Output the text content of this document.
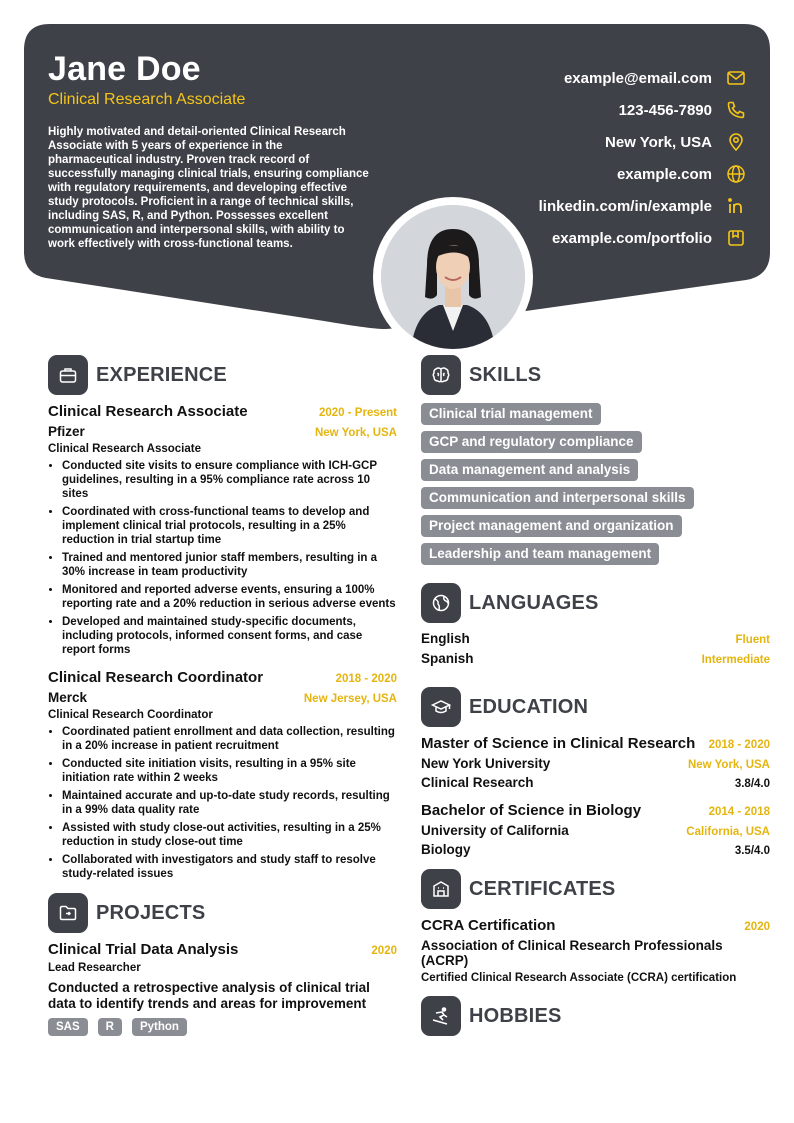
Jane Doe
Clinical Research Associate
Highly motivated and detail-oriented Clinical Research Associate with 5 years of experience in the pharmaceutical industry. Proven track record of successfully managing clinical trials, ensuring compliance with regulatory requirements, and developing effective study protocols. Proficient in a range of technical skills, including SAS, R, and Python. Possesses excellent communication and interpersonal skills, with ability to work effectively with cross-functional teams.
example@email.com
123-456-7890
New York, USA
example.com
linkedin.com/in/example
example.com/portfolio
EXPERIENCE
Clinical Research Associate	2020 - Present
Pfizer	New York, USA
Clinical Research Associate
• Conducted site visits to ensure compliance with ICH-GCP guidelines, resulting in a 95% compliance rate across 10 sites
• Coordinated with cross-functional teams to develop and implement clinical trial protocols, resulting in a 25% reduction in trial startup time
• Trained and mentored junior staff members, resulting in a 30% increase in team productivity
• Monitored and reported adverse events, ensuring a 100% reporting rate and a 20% reduction in serious adverse events
• Developed and maintained study-specific documents, including protocols, informed consent forms, and case report forms
Clinical Research Coordinator	2018 - 2020
Merck	New Jersey, USA
Clinical Research Coordinator
• Coordinated patient enrollment and data collection, resulting in a 20% increase in patient recruitment
• Conducted site initiation visits, resulting in a 95% site initiation rate within 2 weeks
• Maintained accurate and up-to-date study records, resulting in a 99% data quality rate
• Assisted with study close-out activities, resulting in a 25% reduction in study close-out time
• Collaborated with investigators and study staff to resolve study-related issues
PROJECTS
Clinical Trial Data Analysis	2020
Lead Researcher
Conducted a retrospective analysis of clinical trial data to identify trends and areas for improvement
SAS	R	Python
SKILLS
Clinical trial management
GCP and regulatory compliance
Data management and analysis
Communication and interpersonal skills
Project management and organization
Leadership and team management
LANGUAGES
English	Fluent
Spanish	Intermediate
EDUCATION
Master of Science in Clinical Research 2018 - 2020
New York University	New York, USA
Clinical Research	3.8/4.0
Bachelor of Science in Biology	2014 - 2018
University of California	California, USA
Biology	3.5/4.0
CERTIFICATES
CCRA Certification	2020
Association of Clinical Research Professionals (ACRP)
Certified Clinical Research Associate (CCRA) certification
HOBBIES
